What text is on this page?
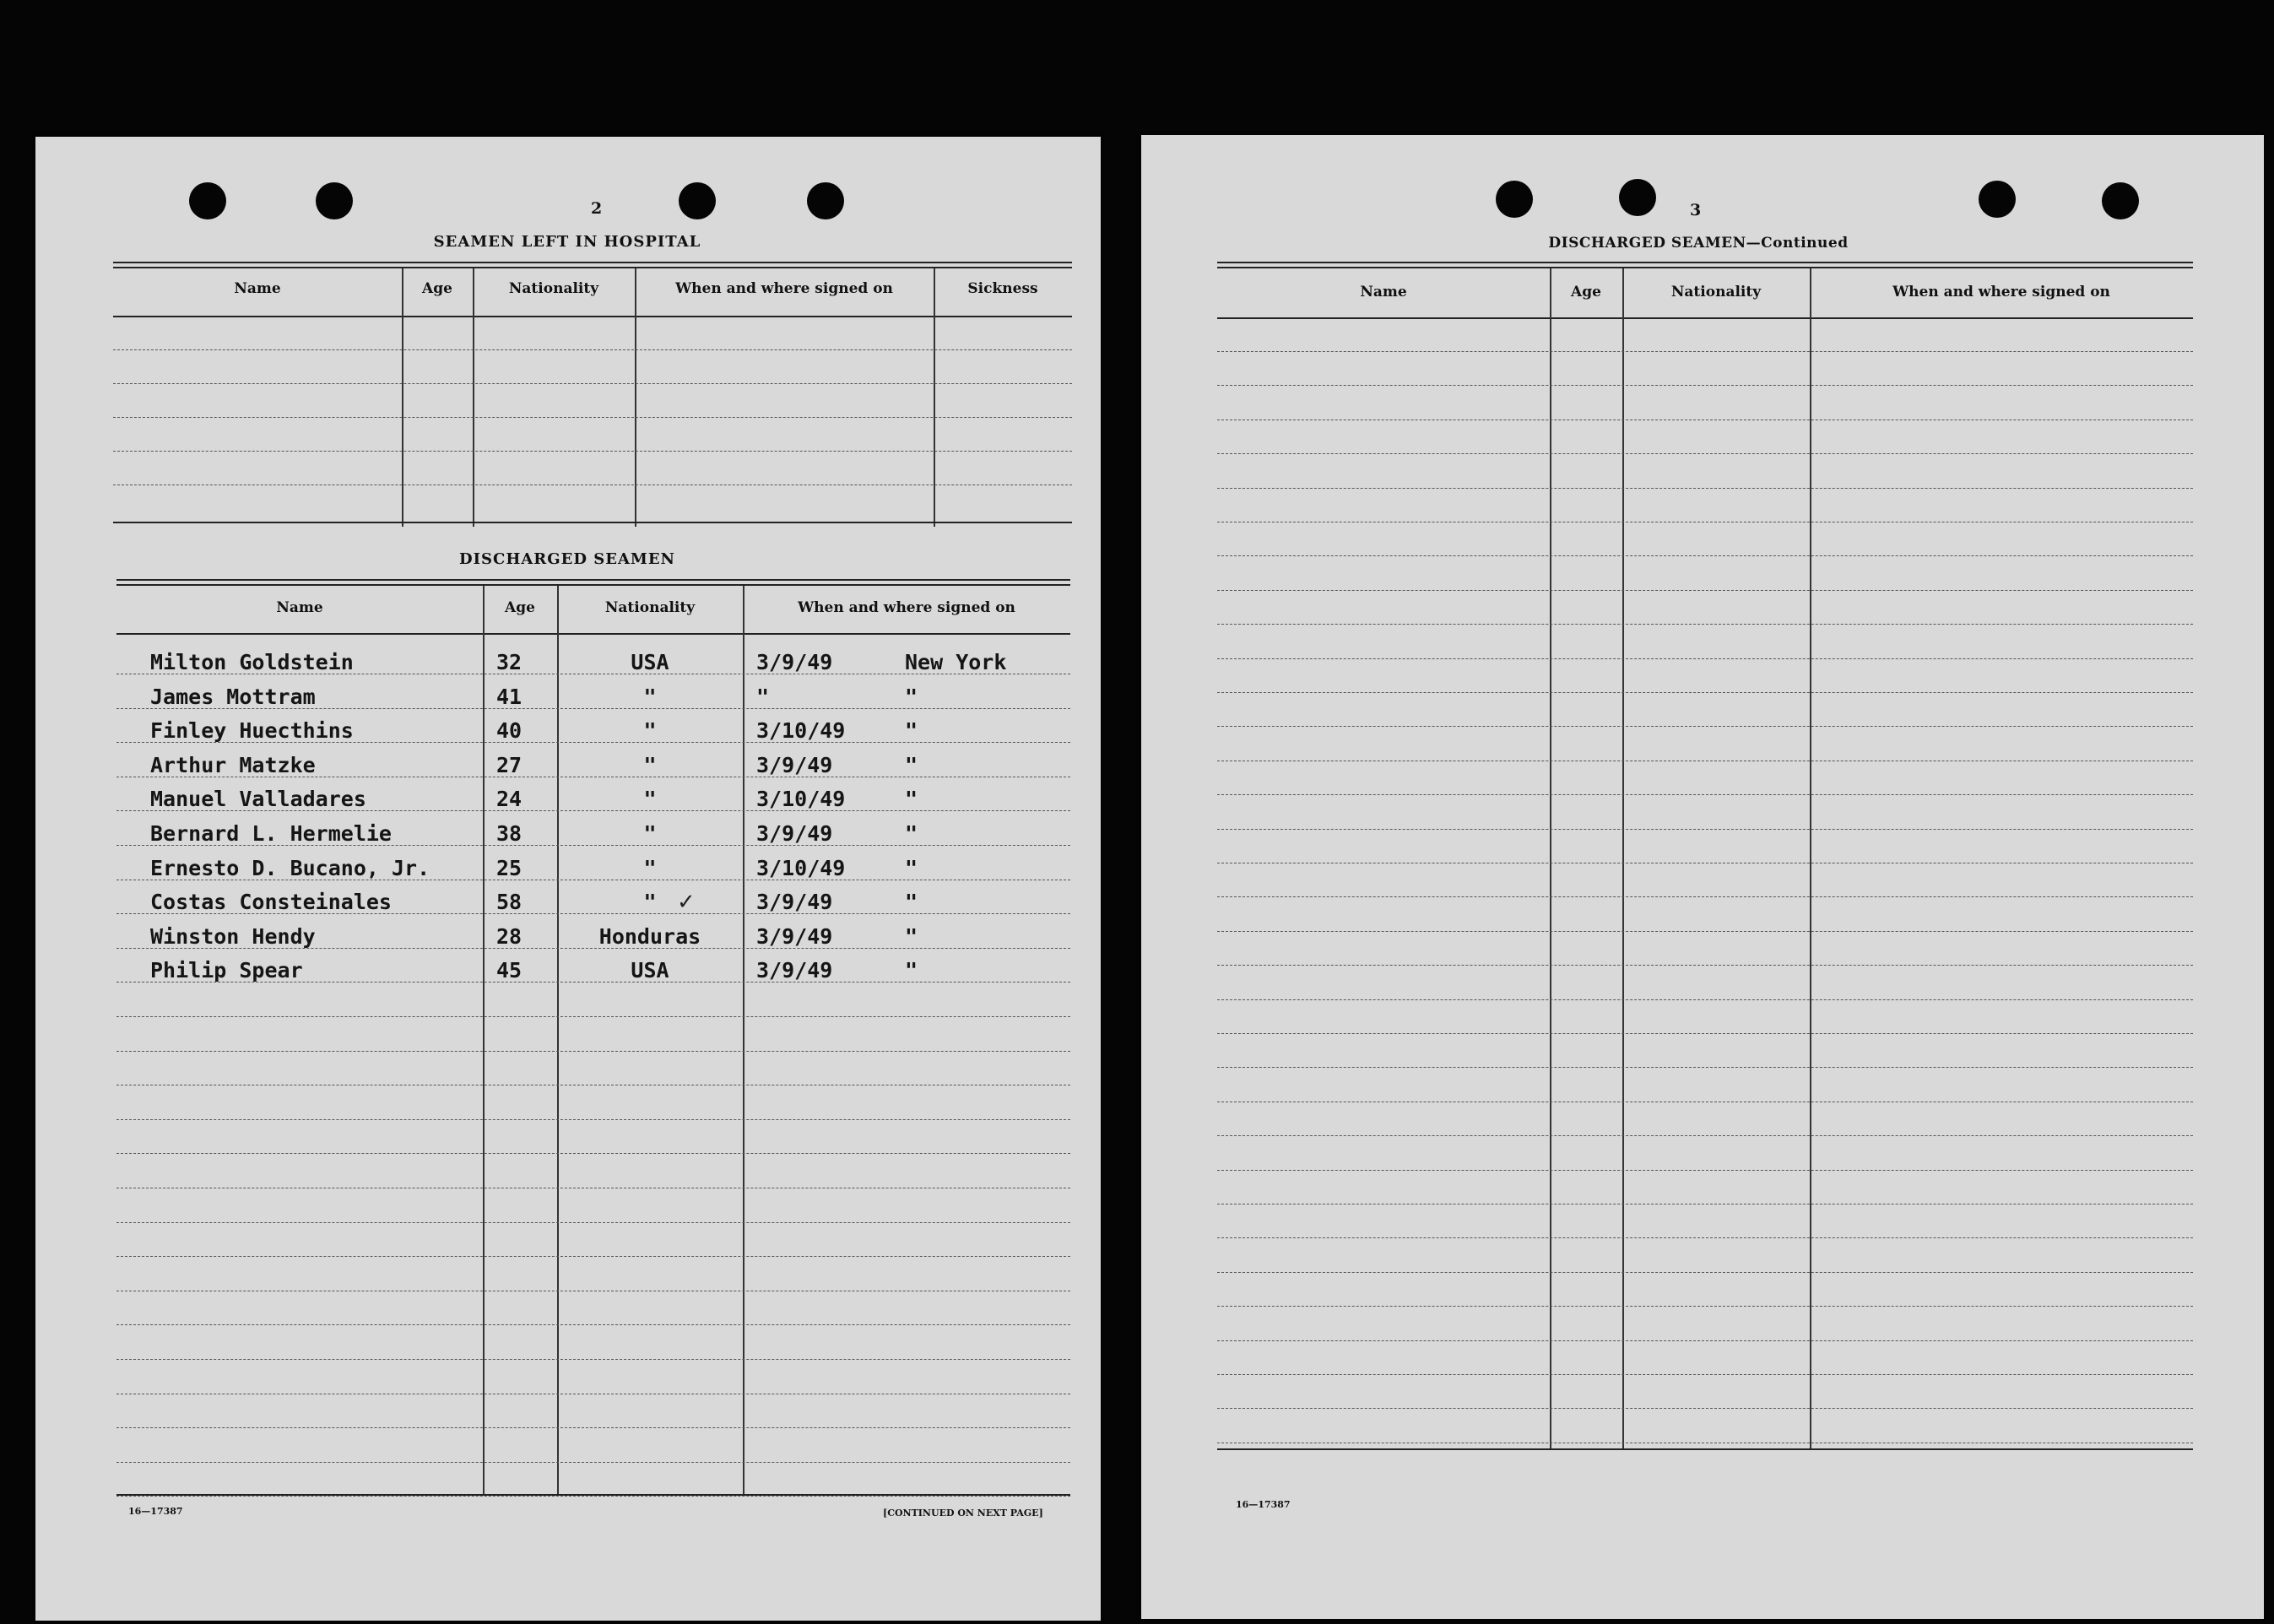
2
SEAMEN LEFT IN HOSPITAL
Name	Age	Nationality	When and where signed on	Sickness
DISCHARGED SEAMEN
Name	Age	Nationality	When and where signed on
Milton Goldstein	32	USA	3/9/49	New York
James Mottram	41	"	"	"
Finley Huecthins	40	"	3/10/49	"
Arthur Matzke	27	"	3/9/49	"
Manuel Valladares	24	"	3/10/49	"
Bernard L. Hermelie	38	"	3/9/49	"
Ernesto D. Bucano, Jr.	25	"	3/10/49	"
Costas Consteinales	58	"	3/9/49	"
Winston Hendy	28	Honduras	3/9/49	"
Philip Spear	45	USA	3/9/49	"
✓
16—17387	[CONTINUED ON NEXT PAGE]
3
DISCHARGED SEAMEN—Continued
Name	Age	Nationality	When and where signed on
16—17387
